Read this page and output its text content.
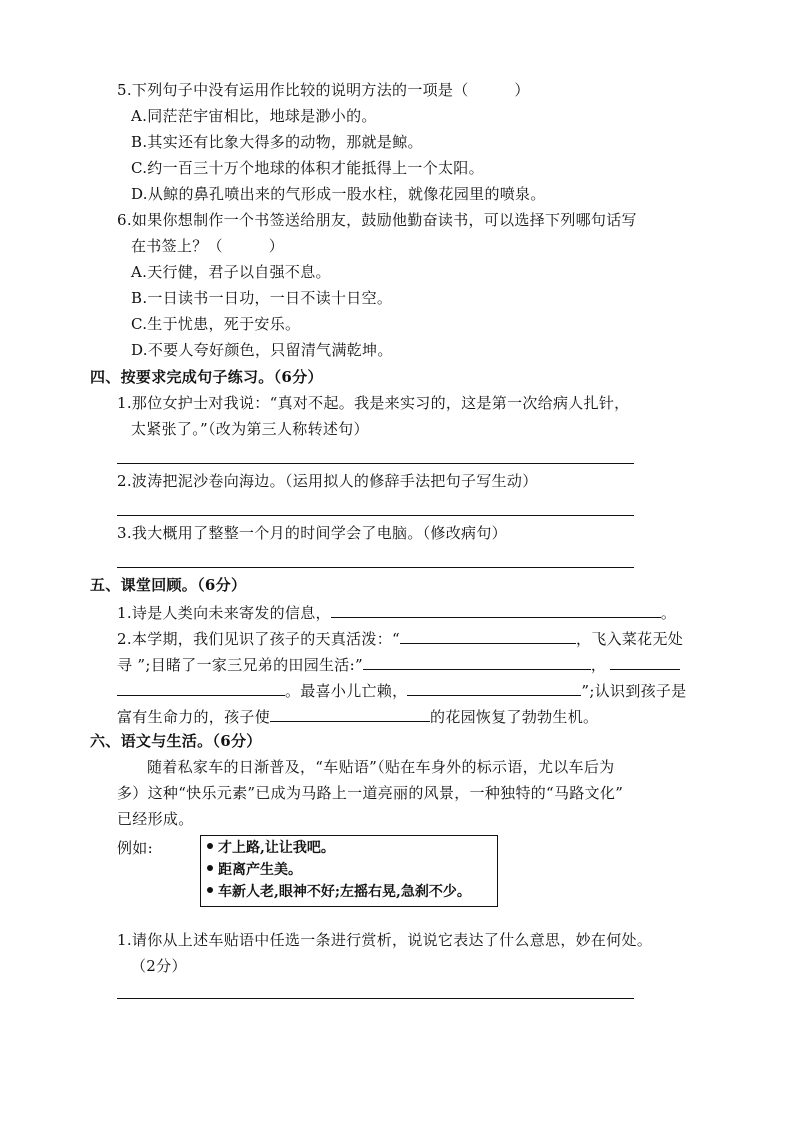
5.下列句子中没有运用作比较的说明方法的一项是（　　　）
A.同茫茫宇宙相比，地球是渺小的。
B.其实还有比象大得多的动物，那就是鲸。
C.约一百三十万个地球的体积才能抵得上一个太阳。
D.从鲸的鼻孔喷出来的气形成一股水柱，就像花园里的喷泉。
6.如果你想制作一个书签送给朋友，鼓励他勤奋读书，可以选择下列哪句话写
在书签上？（　　　）
A.天行健，君子以自强不息。
B.一日读书一日功，一日不读十日空。
C.生于忧患，死于安乐。
D.不要人夸好颜色，只留清气满乾坤。
四、按要求完成句子练习。（6分）
1.那位女护士对我说：“真对不起。我是来实习的，这是第一次给病人扎针，
太紧张了。”（改为第三人称转述句）
2.波涛把泥沙卷向海边。（运用拟人的修辞手法把句子写生动）
3.我大概用了整整一个月的时间学会了电脑。（修改病句）
五、课堂回顾。（6分）
1.诗是人类向未来寄发的信息，	。
2.本学期，我们见识了孩子的天真活泼：“	，飞入菜花无处
寻 ”;目睹了一家三兄弟的田园生活:”	，
。最喜小儿亡赖，	”;认识到孩子是
富有生命力的，孩子使	的花园恢复了勃勃生机。
六、语文与生活。（6分）
随着私家车的日渐普及，“车贴语”（贴在车身外的标示语，尤以车后为
多）这种“快乐元素”已成为马路上一道亮丽的风景，一种独特的“马路文化”
已经形成。
例如:	才上路,让让我吧。
距离产生美。
车新人老,眼神不好;左摇右晃,急刹不少。
1.请你从上述车贴语中任选一条进行赏析，说说它表达了什么意思，妙在何处。
（2分）
